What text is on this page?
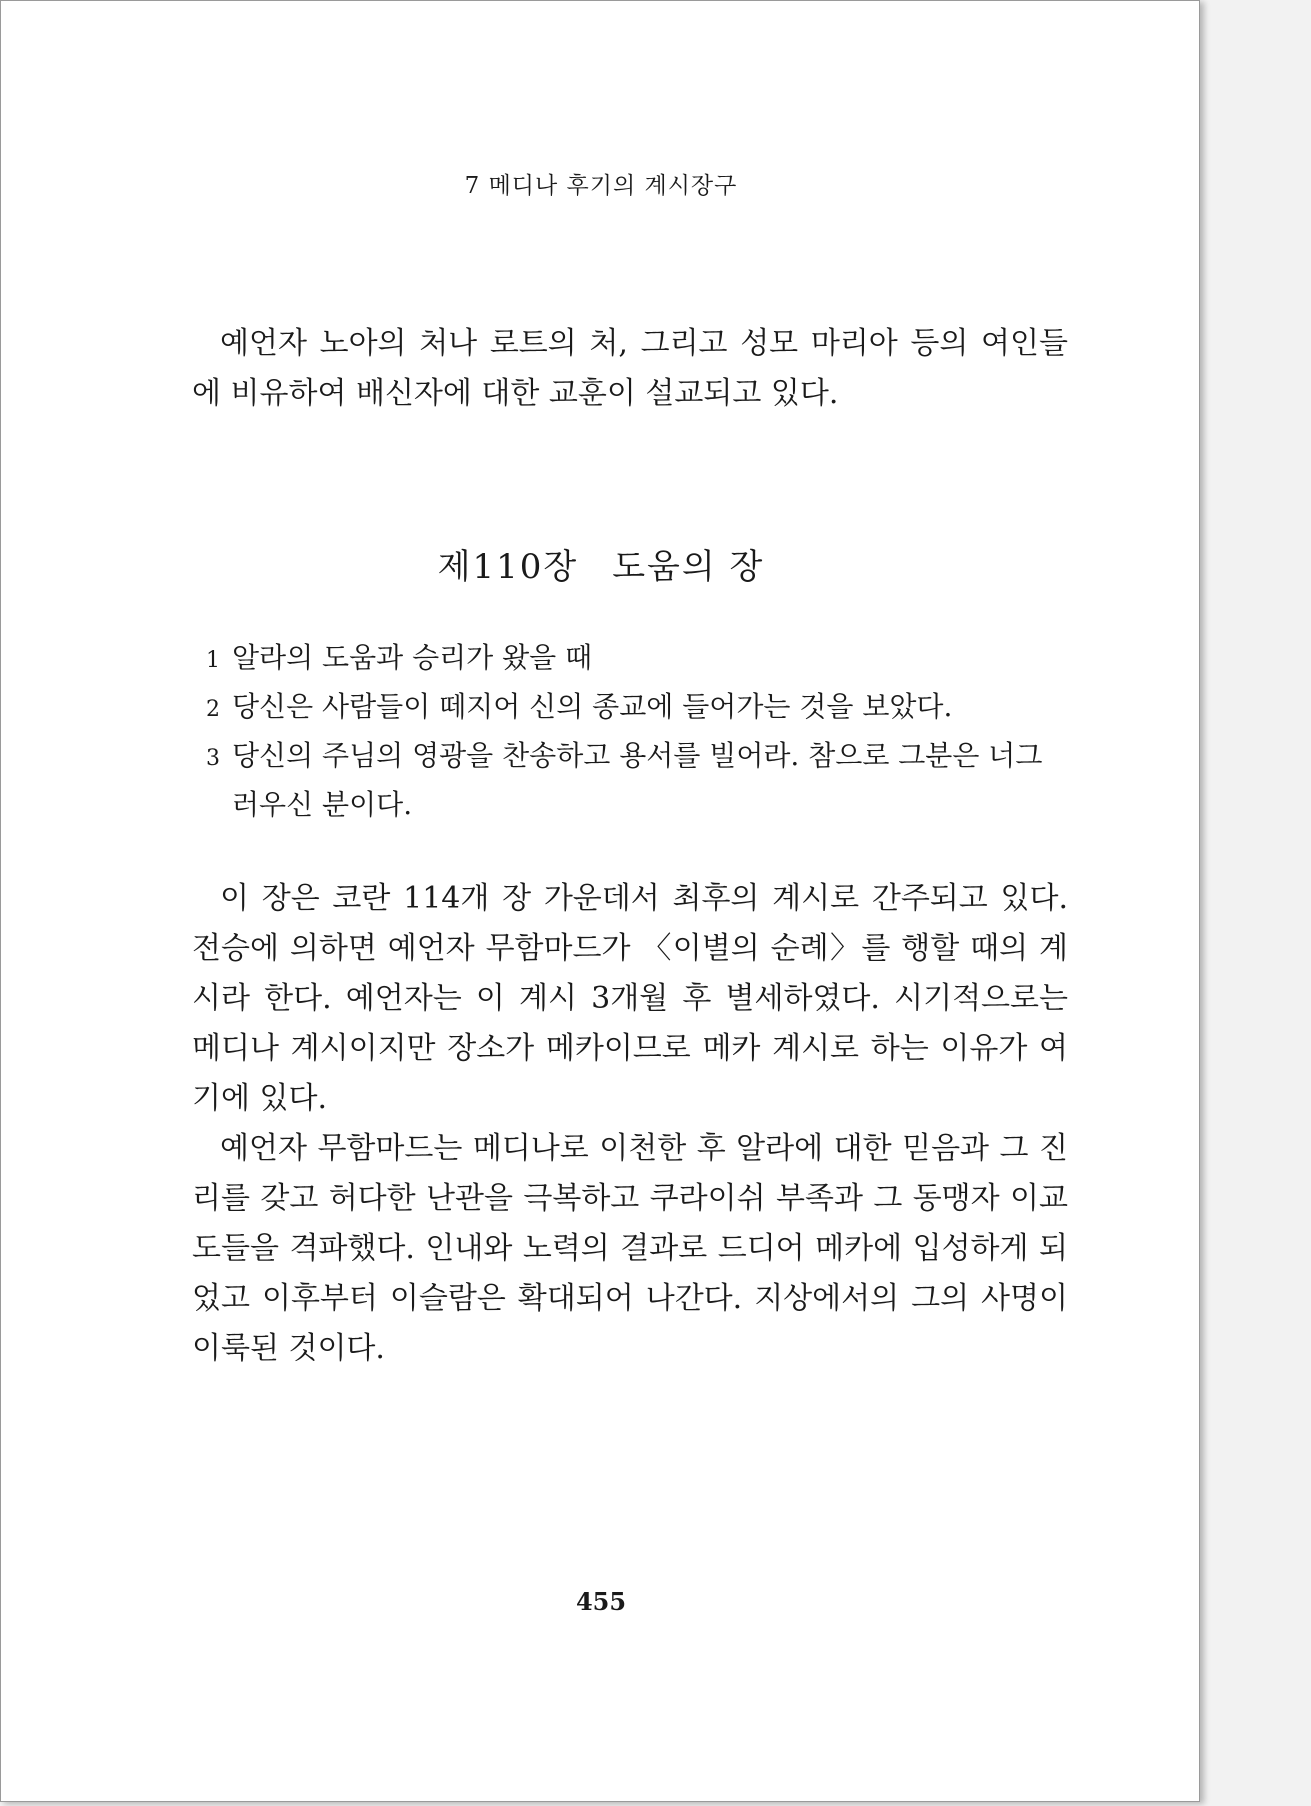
7 메디나 후기의 계시장구

예언자 노아의 처나 로트의 처, 그리고 성모 마리아 등의 여인들에 비유하여 배신자에 대한 교훈이 설교되고 있다.

제110장 도움의 장
1 알라의 도움과 승리가 왔을 때
2 당신은 사람들이 떼지어 신의 종교에 들어가는 것을 보았다.
3 당신의 주님의 영광을 찬송하고 용서를 빌어라. 참으로 그분은 너그러우신 분이다.

이 장은 코란 114개 장 가운데서 최후의 계시로 간주되고 있다. 전승에 의하면 예언자 무함마드가 〈이별의 순례〉를 행할 때의 계시라 한다. 예언자는 이 계시 3개월 후 별세하였다. 시기적으로는 메디나 계시이지만 장소가 메카이므로 메카 계시로 하는 이유가 여기에 있다.

예언자 무함마드는 메디나로 이천한 후 알라에 대한 믿음과 그 진리를 갖고 허다한 난관을 극복하고 쿠라이쉬 부족과 그 동맹자 이교도들을 격파했다. 인내와 노력의 결과로 드디어 메카에 입성하게 되었고 이후부터 이슬람은 확대되어 나간다. 지상에서의 그의 사명이 이룩된 것이다.

455
